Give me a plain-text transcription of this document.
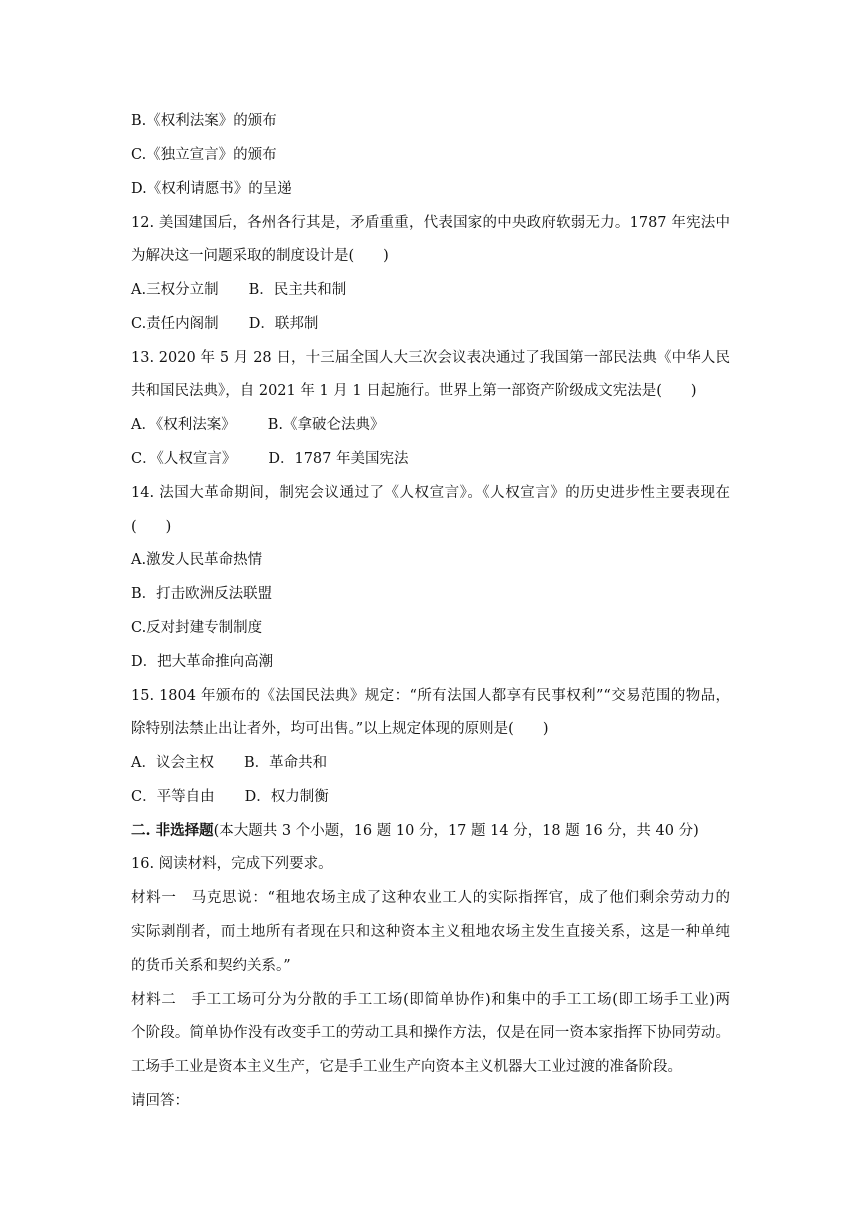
B.《权利法案》的颁布
C.《独立宣言》的颁布
D.《权利请愿书》的呈递
12. 美国建国后，各州各行其是，矛盾重重，代表国家的中央政府软弱无力。1787 年宪法中
为解决这一问题采取的制度设计是(　　)
A.三权分立制 B．民主共和制
C.责任内阁制 D．联邦制
13. 2020 年 5 月 28 日，十三届全国人大三次会议表决通过了我国第一部民法典《中华人民
共和国民法典》，自 2021 年 1 月 1 日起施行。世界上第一部资产阶级成文宪法是(　　)
A．《权利法案》 B.《拿破仑法典》
C．《人权宣言》 D．1787 年美国宪法
14. 法国大革命期间，制宪会议通过了《人权宣言》。《人权宣言》的历史进步性主要表现在
(　　)
A.激发人民革命热情
B．打击欧洲反法联盟
C.反对封建专制制度
D．把大革命推向高潮
15. 1804 年颁布的《法国民法典》规定：“所有法国人都享有民事权利”“交易范围的物品，
除特别法禁止出让者外，均可出售。”以上规定体现的原则是(　　)
A．议会主权 B．革命共和
C．平等自由 D．权力制衡
二. 非选择题(本大题共 3 个小题，16 题 10 分，17 题 14 分，18 题 16 分，共 40 分)
16. 阅读材料，完成下列要求。
材料一　马克思说：“租地农场主成了这种农业工人的实际指挥官，成了他们剩余劳动力的
实际剥削者，而土地所有者现在只和这种资本主义租地农场主发生直接关系，这是一种单纯
的货币关系和契约关系。”
材料二　手工工场可分为分散的手工工场(即简单协作)和集中的手工工场(即工场手工业)两
个阶段。简单协作没有改变手工的劳动工具和操作方法，仅是在同一资本家指挥下协同劳动。
工场手工业是资本主义生产，它是手工业生产向资本主义机器大工业过渡的准备阶段。
请回答：
